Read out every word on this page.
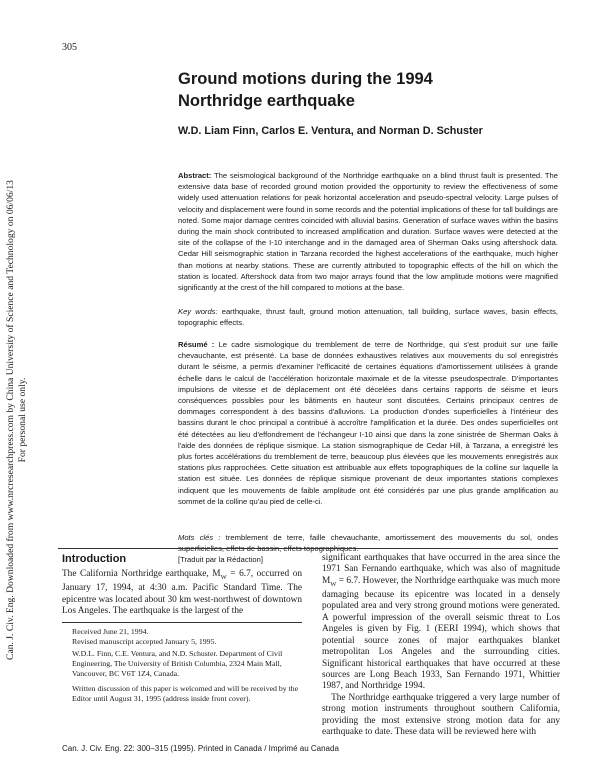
Can. J. Civ. Eng. Downloaded from www.nrcresearchpress.com by China University of Science and Technology on 06/06/13 For personal use only.
305
Ground motions during the 1994
Northridge earthquake
W.D. Liam Finn, Carlos E. Ventura, and Norman D. Schuster

Abstract: The seismological background of the Northridge earthquake on a blind thrust fault is presented. The extensive data base of recorded ground motion provided the opportunity to review the effectiveness of some widely used attenuation relations for peak horizontal acceleration and pseudo-spectral velocity. Large pulses of velocity and displacement were found in some records and the potential implications of these for tall buildings are noted. Some major damage centres coincided with alluvial basins. Generation of surface waves within the basins during the main shock contributed to increased amplification and duration. Surface waves were detected at the site of the collapse of the I-10 interchange and in the damaged area of Sherman Oaks using aftershock data. Cedar Hill seismographic station in Tarzana recorded the highest accelerations of the earthquake, much higher than motions at nearby stations. These are currently attributed to topographic effects of the hill on which the station is located. Aftershock data from two major arrays found that the low amplitude motions were magnified significantly at the crest of the hill compared to motions at the base.

Key words: earthquake, thrust fault, ground motion attenuation, tall building, surface waves, basin effects, topographic effects.

Résumé : Le cadre sismologique du tremblement de terre de Northridge, qui s'est produit sur une faille chevauchante, est présenté. La base de données exhaustives relatives aux mouvements du sol enregistrés durant le séisme, a permis d'examiner l'efficacité de certaines équations d'amortissement utilisées à grande échelle dans le calcul de l'accélération horizontale maximale et de la vitesse pseudospectrale. D'importantes impulsions de vitesse et de déplacement ont été décelées dans certains rapports de séisme et leurs conséquences possibles pour les bâtiments en hauteur sont discutées. Certains principaux centres de dommages correspondent à des bassins d'alluvions. La production d'ondes superficielles à l'intérieur des bassins durant le choc principal a contribué à accroître l'amplification et la durée. Des ondes superficielles ont été détectées au lieu d'effondrement de l'échangeur I-10 ainsi que dans la zone sinistrée de Sherman Oaks à l'aide des données de réplique sismique. La station sismographique de Cedar Hill, à Tarzana, a enregistré les plus fortes accélérations du tremblement de terre, beaucoup plus élevées que les mouvements enregistrés aux stations plus rapprochées. Cette situation est attribuable aux effets topographiques de la colline sur laquelle la station est située. Les données de réplique sismique provenant de deux importantes stations complexes indiquent que les mouvements de faible amplitude ont été considérés par une plus grande amplification au sommet de la colline qu'au pied de celle-ci.

Mots clés : tremblement de terre, faille chevauchante, amortissement des mouvements du sol, ondes superficielles, effets de bassin, effets topographiques.
[Traduit par la Rédaction]

Introduction

The California Northridge earthquake, $M_W = 6.7$, occurred on January 17, 1994, at 4:30 a.m. Pacific Standard Time. The epicentre was located about 30 km west-northwest of downtown Los Angeles. The earthquake is the largest of the

Received June 21, 1994.
Revised manuscript accepted January 5, 1995.

W.D.L. Finn, C.E. Ventura, and N.D. Schuster. Department of Civil Engineering, The University of British Columbia, 2324 Main Mall, Vancouver, BC V6T 1Z4, Canada.

Written discussion of this paper is welcomed and will be received by the Editor until August 31, 1995 (address inside front cover).

significant earthquakes that have occurred in the area since the 1971 San Fernando earthquake, which was also of magnitude $M_W = 6.7$. However, the Northridge earthquake was much more damaging because its epicentre was located in a densely populated area and very strong ground motions were generated. A powerful impression of the overall seismic threat to Los Angeles is given by Fig. 1 (EERI 1994), which shows that potential source zones of major earthquakes blanket metropolitan Los Angeles and the surrounding cities. Significant historical earthquakes that have occurred at these sources are Long Beach 1933, San Fernando 1971, Whittier 1987, and Northridge 1994.
The Northridge earthquake triggered a very large number of strong motion instruments throughout southern California, providing the most extensive strong motion data for any earthquake to date. These data will be reviewed here with

Can. J. Civ. Eng. 22: 300–315 (1995). Printed in Canada / Imprimé au Canada
